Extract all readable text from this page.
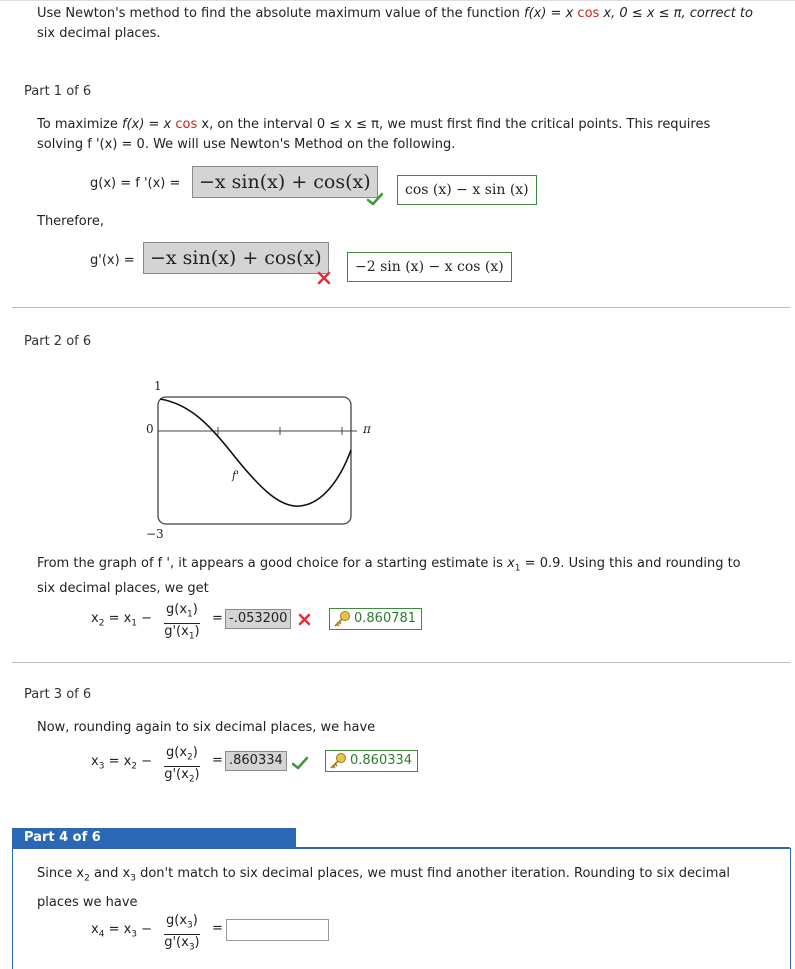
Use Newton's method to find the absolute maximum value of the function f(x) = x cos x, 0 ≤ x ≤ π, correct to
six decimal places.
Part 1 of 6
To maximize f(x) = x cos x, on the interval 0 ≤ x ≤ π, we must first find the critical points. This requires
solving f '(x) = 0. We will use Newton's Method on the following.
g(x) = f '(x) = −x sin(x) + cos(x)	cos (x) − x sin (x)
Therefore,
g'(x) = −x sin(x) + cos(x)	−2 sin (x) − x cos (x)
Part 2 of 6
1
0
−3
π
f'
From the graph of f ', it appears a good choice for a starting estimate is $x_1 = 0.9$. Using this and rounding to
six decimal places, we get
$x_2 = x_1 - \frac{g(x_1)}{g'(x_1)} = -.053200$	0.860781
Part 3 of 6
Now, rounding again to six decimal places, we have
$x_3 = x_2 - \frac{g(x_2)}{g'(x_2)} = .860334$	0.860334
Part 4 of 6
Since $x_2$ and $x_3$ don't match to six decimal places, we must find another iteration. Rounding to six decimal
places we have
$x_4 = x_3 - \frac{g(x_3)}{g'(x_3)}$ =
